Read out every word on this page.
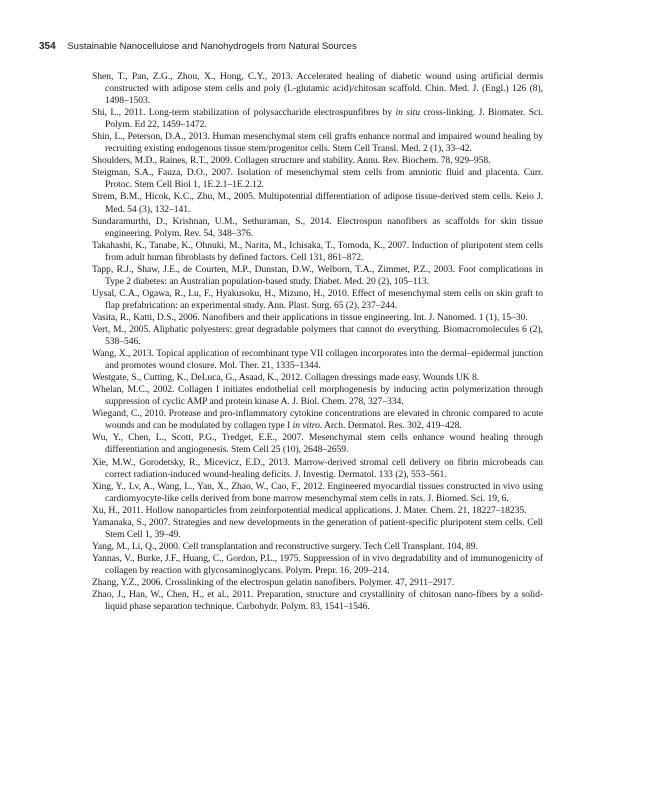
354 Sustainable Nanocellulose and Nanohydrogels from Natural Sources

Shen, T., Pan, Z.G., Zhou, X., Hong, C.Y., 2013. Accelerated healing of diabetic wound using artificial dermis constructed with adipose stem cells and poly (L-glutamic acid)/chitosan scaffold. Chin. Med. J. (Engl.) 126 (8), 1498–1503.

Shi, L., 2011. Long-term stabilization of polysaccharide electrospunfibres by in situ cross-linking. J. Biomater. Sci. Polym. Ed 22, 1459–1472.

Shin, L., Peterson, D.A., 2013. Human mesenchymal stem cell grafts enhance normal and impaired wound healing by recruiting existing endogenous tissue stem/progenitor cells. Stem Cell Transl. Med. 2 (1), 33–42.

Shoulders, M.D., Raines, R.T., 2009. Collagen structure and stability. Annu. Rev. Biochem. 78, 929–958.

Steigman, S.A., Fauza, D.O., 2007. Isolation of mesenchymal stem cells from amniotic fluid and placenta. Curr. Protoc. Stem Cell Biol 1, 1E.2.1–1E.2.12.

Strem, B.M., Hicok, K.C., Zhu, M., 2005. Multipotential differentiation of adipose tissue-derived stem cells. Keio J. Med. 54 (3), 132–141.

Sundaramurthi, D., Krishnan, U.M., Sethuraman, S., 2014. Electrospun nanofibers as scaffolds for skin tissue engineering. Polym. Rev. 54, 348–376.

Takahashi, K., Tanabe, K., Ohnuki, M., Narita, M., Ichisaka, T., Tomoda, K., 2007. Induction of pluripotent stem cells from adult human fibroblasts by defined factors. Cell 131, 861–872.

Tapp, R.J., Shaw, J.E., de Courten, M.P., Dunstan, D.W., Welborn, T.A., Zimmet, P.Z., 2003. Foot complications in Type 2 diabetes: an Australian population-based study. Diabet. Med. 20 (2), 105–113.

Uysal, C.A., Ogawa, R., Lu, F., Hyakusoku, H., Mizuno, H., 2010. Effect of mesenchymal stem cells on skin graft to flap prefabrication: an experimental study. Ann. Plast. Surg. 65 (2), 237–244.

Vasita, R., Katti, D.S., 2006. Nanofibers and their applications in tissue engineering. Int. J. Nanomed. 1 (1), 15–30.

Vert, M., 2005. Aliphatic polyesters: great degradable polymers that cannot do everything. Biomacromolecules 6 (2), 538–546.

Wang, X., 2013. Topical application of recombinant type VII collagen incorporates into the dermal–epidermal junction and promotes wound closure. Mol. Ther. 21, 1335–1344.

Westgate, S., Cutting, K., DeLuca, G., Asaad, K., 2012. Collagen dressings made easy. Wounds UK 8.

Whelan, M.C., 2002. Collagen I initiates endothelial cell morphogenesis by inducing actin polymerization through suppression of cyclic AMP and protein kinase A. J. Biol. Chem. 278, 327–334.

Wiegand, C., 2010. Protease and pro-inflammatory cytokine concentrations are elevated in chronic compared to acute wounds and can be modulated by collagen type I in vitro. Arch. Dermatol. Res. 302, 419–428.

Wu, Y., Chen, L., Scott, P.G., Tredget, E.E., 2007. Mesenchymal stem cells enhance wound healing through differentiation and angiogenesis. Stem Cell 25 (10), 2648–2659.

Xie, M.W., Gorodetsky, R., Micevicz, E.D., 2013. Marrow-derived stromal cell delivery on fibrin microbeads can correct radiation-induced wound-healing deficits. J. Investig. Dermatol. 133 (2), 553–561.

Xing, Y., Lv, A., Wang, L., Yan, X., Zhao, W., Cao, F., 2012. Engineered myocardial tissues constructed in vivo using cardiomyocyte-like cells derived from bone marrow mesenchymal stem cells in rats. J. Biomed. Sci. 19, 6.

Xu, H., 2011. Hollow nanoparticles from zeinforpotential medical applications. J. Mater. Chem. 21, 18227–18235.

Yamanaka, S., 2007. Strategies and new developments in the generation of patient-specific pluripotent stem cells. Cell Stem Cell 1, 39–49.

Yang, M., Li, Q., 2000. Cell transplantation and reconstructive surgery. Tech Cell Transplant. 104, 89.

Yannas, V., Burke, J.F., Huang, C., Gordon, P.L., 1975. Suppression of in vivo degradability and of immunogenicity of collagen by reaction with glycosaminoglycans. Polym. Prepr. 16, 209–214.

Zhang, Y.Z., 2006. Crosslinking of the electrospun gelatin nanofibers. Polymer. 47, 2911–2917.

Zhao, J., Han, W., Chen, H., et al., 2011. Preparation, structure and crystallinity of chitosan nano-fibers by a solid-liquid phase separation technique. Carbohydr. Polym. 83, 1541–1546.
